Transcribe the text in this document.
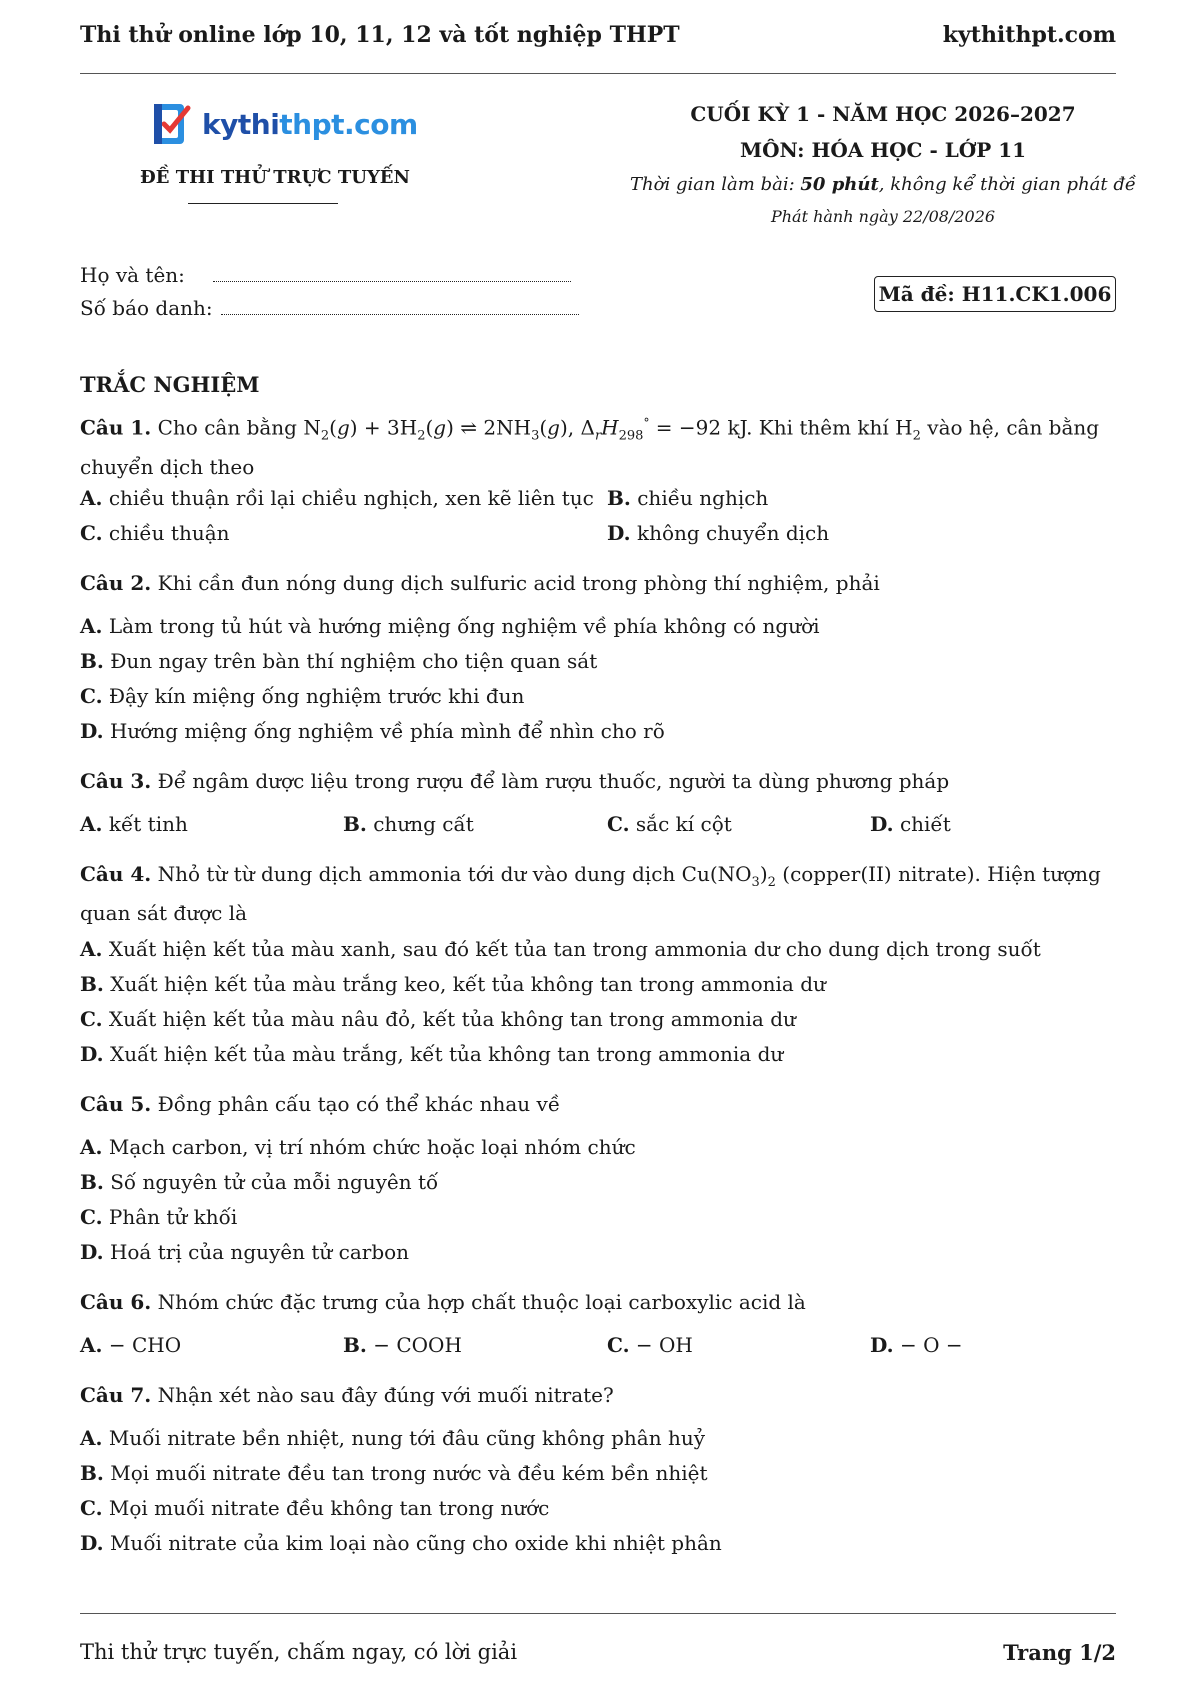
Thi thử online lớp 10, 11, 12 và tốt nghiệp THPT	kythithpt.com
kythithpt.com
ĐỀ THI THỬ TRỰC TUYẾN
CUỐI KỲ 1 - NĂM HỌC 2026–2027
MÔN: HÓA HỌC - LỚP 11
Thời gian làm bài: 50 phút, không kể thời gian phát đề
Phát hành ngày 22/08/2026
Họ và tên:
Số báo danh:
Mã đề: H11.CK1.006
TRẮC NGHIỆM
Câu 1. Cho cân bằng $N_2(g) + 3H_2(g)$ ⇌ $2NH_3(g)$, $\Delta_rH_{298}^\circ = -92$ kJ. Khi thêm khí $H_2$ vào hệ, cân bằng chuyển dịch theo
A. chiều thuận rồi lại chiều nghịch, xen kẽ liên tục B. chiều nghịch
C. chiều thuận	D. không chuyển dịch
Câu 2. Khi cần đun nóng dung dịch sulfuric acid trong phòng thí nghiệm, phải
A. Làm trong tủ hút và hướng miệng ống nghiệm về phía không có người
B. Đun ngay trên bàn thí nghiệm cho tiện quan sát
C. Đậy kín miệng ống nghiệm trước khi đun
D. Hướng miệng ống nghiệm về phía mình để nhìn cho rõ
Câu 3. Để ngâm dược liệu trong rượu để làm rượu thuốc, người ta dùng phương pháp
A. kết tinh	B. chưng cất	C. sắc kí cột	D. chiết
Câu 4. Nhỏ từ từ dung dịch ammonia tới dư vào dung dịch $Cu(NO_3)_2$ (copper(II) nitrate). Hiện tượng quan sát được là
A. Xuất hiện kết tủa màu xanh, sau đó kết tủa tan trong ammonia dư cho dung dịch trong suốt
B. Xuất hiện kết tủa màu trắng keo, kết tủa không tan trong ammonia dư
C. Xuất hiện kết tủa màu nâu đỏ, kết tủa không tan trong ammonia dư
D. Xuất hiện kết tủa màu trắng, kết tủa không tan trong ammonia dư
Câu 5. Đồng phân cấu tạo có thể khác nhau về
A. Mạch carbon, vị trí nhóm chức hoặc loại nhóm chức
B. Số nguyên tử của mỗi nguyên tố
C. Phân tử khối
D. Hoá trị của nguyên tử carbon
Câu 6. Nhóm chức đặc trưng của hợp chất thuộc loại carboxylic acid là
A. − CHO	B. − COOH	C. − OH	D. − O −
Câu 7. Nhận xét nào sau đây đúng với muối nitrate?
A. Muối nitrate bền nhiệt, nung tới đâu cũng không phân huỷ
B. Mọi muối nitrate đều tan trong nước và đều kém bền nhiệt
C. Mọi muối nitrate đều không tan trong nước
D. Muối nitrate của kim loại nào cũng cho oxide khi nhiệt phân
Thi thử trực tuyến, chấm ngay, có lời giải	Trang 1/2
